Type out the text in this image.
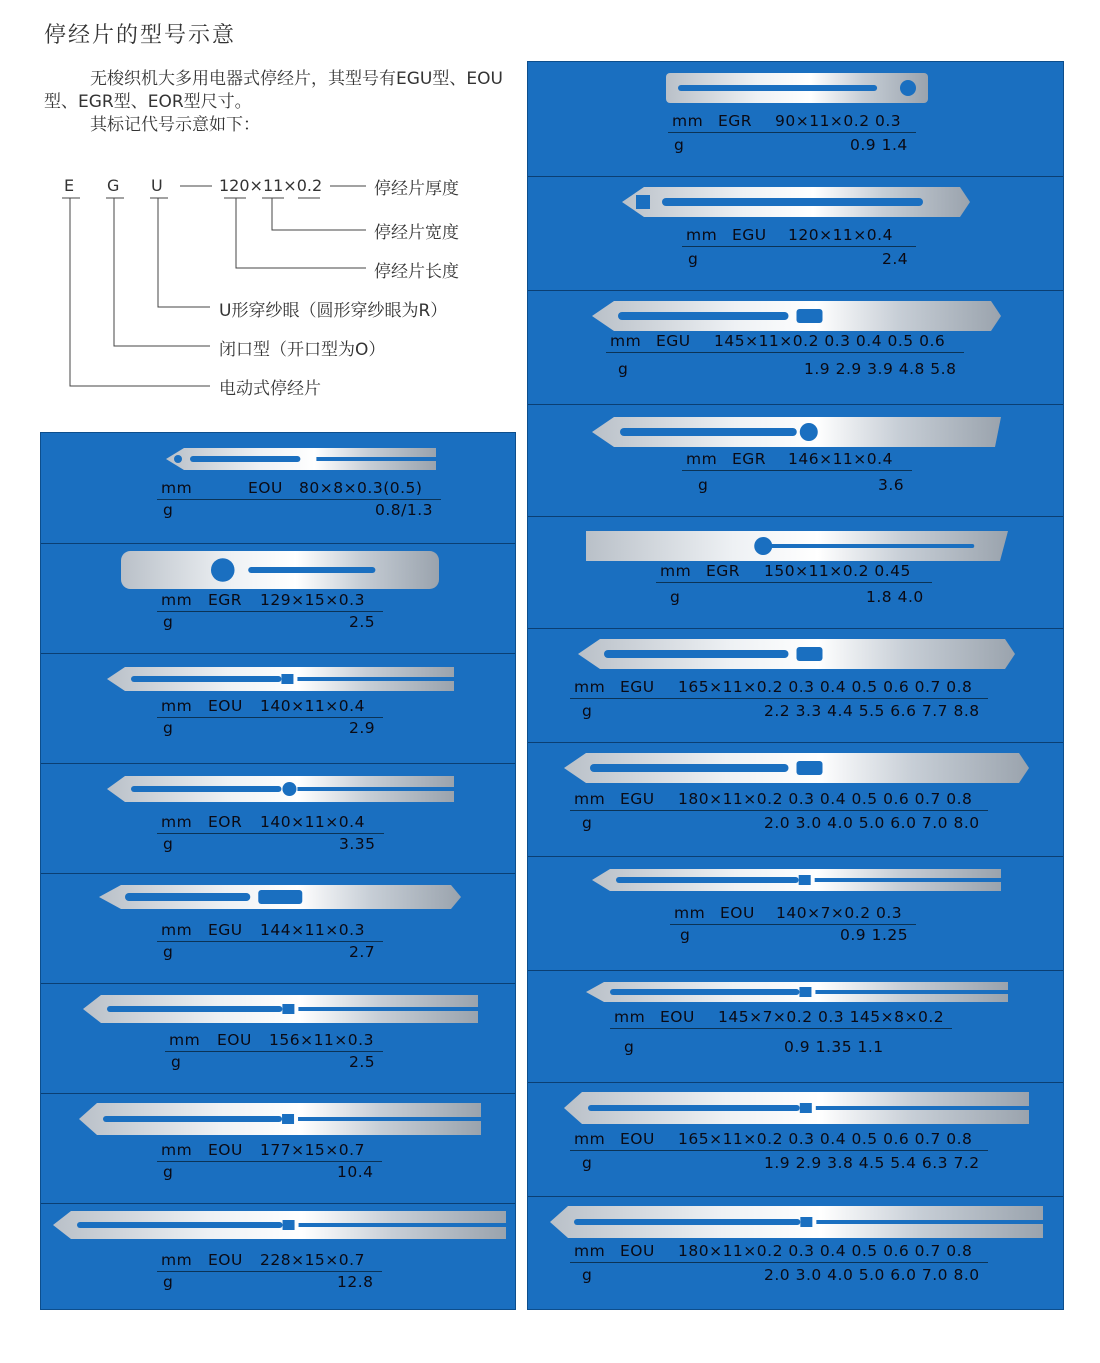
停经片的型号示意
无梭织机大多用电器式停经片，其型号有EGU型、EOU型、EGR型、EOR型尺寸。
其标记代号示意如下：
E G U	120×11×0.2	停经片厚度
停经片宽度
停经片长度
U形穿纱眼（圆形穿纱眼为R）
闭口型（开口型为O）
电动式停经片
mm	EOU 80×8×0.3(0.5)
g	0.8/1.3
mm EGR 129×15×0.3
g	2.5
mm EOU 140×11×0.4
g	2.9
mm EOR 140×11×0.4
g	3.35
mm EGU 144×11×0.3
g	2.7
mm EOU 156×11×0.3
g	2.5
mm EOU 177×15×0.7
g	10.4
mm EOU 228×15×0.7
g	12.8
mm EGR 90×11×0.2 0.3
g	0.9 1.4
mm EGU 120×11×0.4
g	2.4
mm EGU 145×11×0.2 0.3 0.4 0.5 0.6
g	1.9 2.9 3.9 4.8 5.8
mm EGR 146×11×0.4
g	3.6
mm EGR 150×11×0.2 0.45
g	1.8 4.0
mm EGU 165×11×0.2 0.3 0.4 0.5 0.6 0.7 0.8
g	2.2 3.3 4.4 5.5 6.6 7.7 8.8
mm EGU 180×11×0.2 0.3 0.4 0.5 0.6 0.7 0.8
g	2.0 3.0 4.0 5.0 6.0 7.0 8.0
mm EOU 140×7×0.2 0.3
g	0.9 1.25
mm EOU 145×7×0.2 0.3 145×8×0.2
g	0.9 1.35 1.1
mm EOU 165×11×0.2 0.3 0.4 0.5 0.6 0.7 0.8
g	1.9 2.9 3.8 4.5 5.4 6.3 7.2
mm EOU 180×11×0.2 0.3 0.4 0.5 0.6 0.7 0.8
g	2.0 3.0 4.0 5.0 6.0 7.0 8.0
